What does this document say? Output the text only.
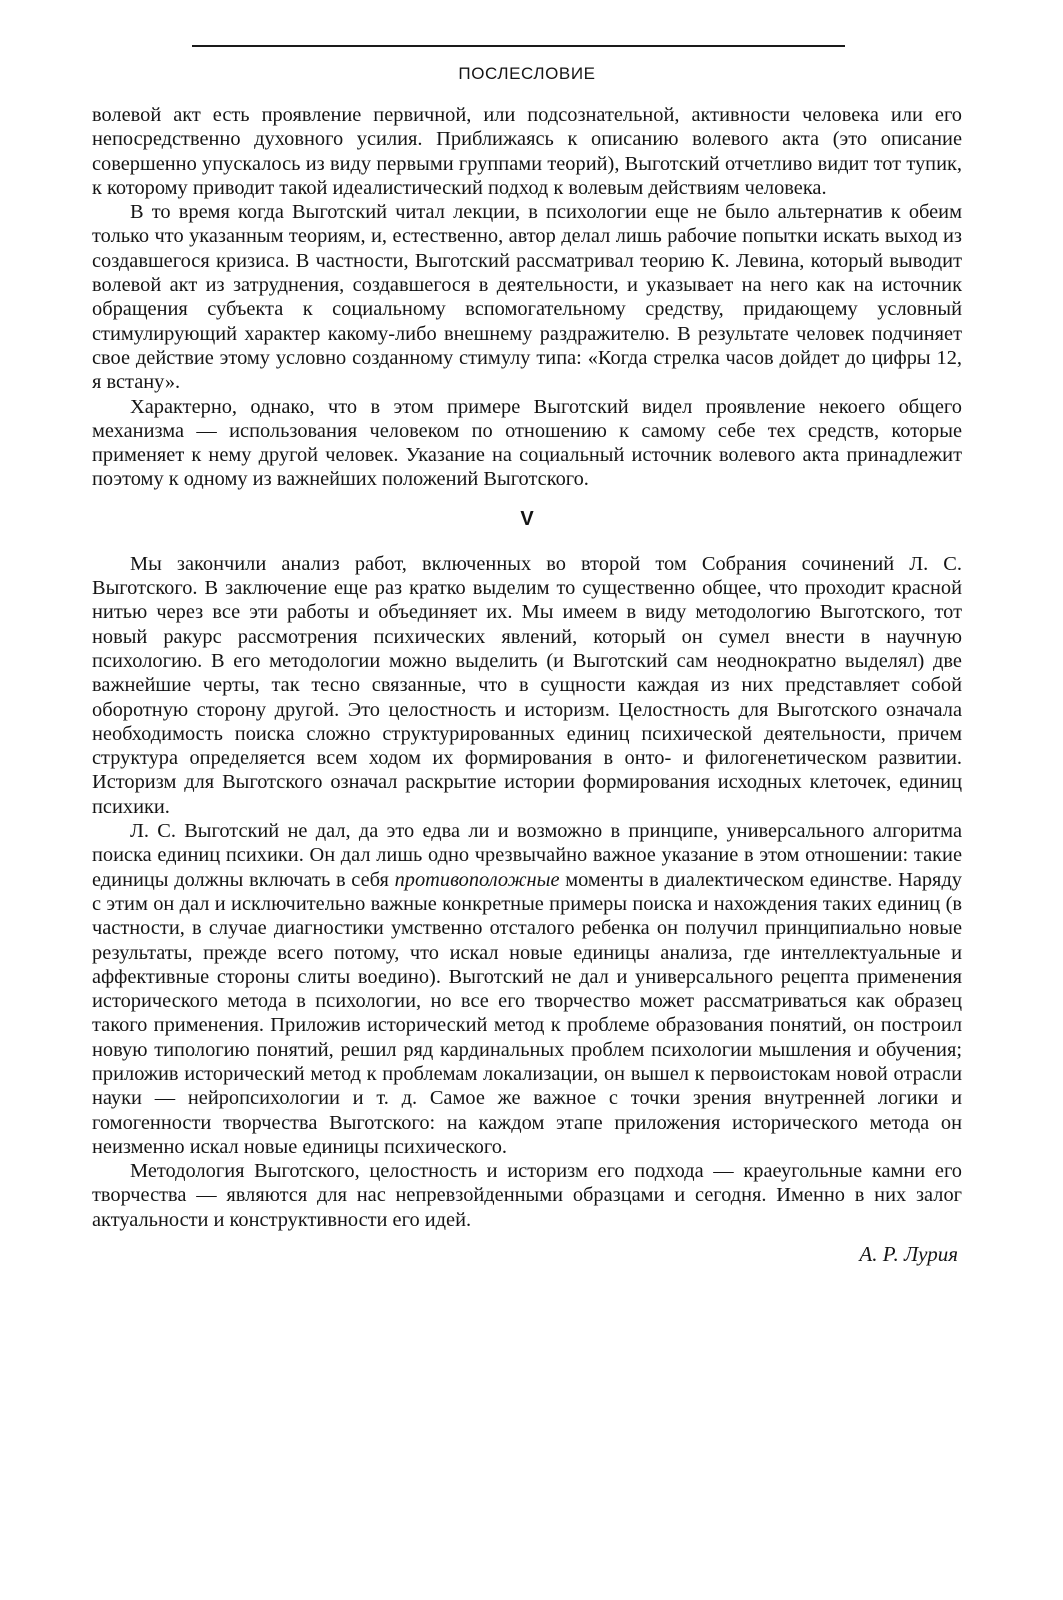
ПОСЛЕСЛОВИЕ

волевой акт есть проявление первичной, или подсознательной, активности человека или его непосредственно духовного усилия. Приближаясь к описанию волевого акта (это описание совершенно упускалось из виду первыми группами теорий), Выготский отчетливо видит тот тупик, к которому приводит такой идеалистический подход к волевым действиям человека.

В то время когда Выготский читал лекции, в психологии еще не было альтернатив к обеим только что указанным теориям, и, естественно, автор делал лишь рабочие попытки искать выход из создавшегося кризиса. В частности, Выготский рассматривал теорию К. Левина, который выводит волевой акт из затруднения, создавшегося в деятельности, и указывает на него как на источник обращения субъекта к социальному вспомогательному средству, придающему условный стимулирующий характер какому-либо внешнему раздражителю. В результате человек подчиняет свое действие этому условно созданному стимулу типа: «Когда стрелка часов дойдет до цифры 12, я встану».

Характерно, однако, что в этом примере Выготский видел проявление некоего общего механизма — использования человеком по отношению к самому себе тех средств, которые применяет к нему другой человек. Указание на социальный источник волевого акта принадлежит поэтому к одному из важнейших положений Выготского.

V

Мы закончили анализ работ, включенных во второй том Собрания сочинений Л. С. Выготского. В заключение еще раз кратко выделим то существенно общее, что проходит красной нитью через все эти работы и объединяет их. Мы имеем в виду методологию Выготского, тот новый ракурс рассмотрения психических явлений, который он сумел внести в научную психологию. В его методологии можно выделить (и Выготский сам неоднократно выделял) две важнейшие черты, так тесно связанные, что в сущности каждая из них представляет собой оборотную сторону другой. Это целостность и историзм. Целостность для Выготского означала необходимость поиска сложно структурированных единиц психической деятельности, причем структура определяется всем ходом их формирования в онто- и филогенетическом развитии. Историзм для Выготского означал раскрытие истории формирования исходных клеточек, единиц психики.

Л. С. Выготский не дал, да это едва ли и возможно в принципе, универсального алгоритма поиска единиц психики. Он дал лишь одно чрезвычайно важное указание в этом отношении: такие единицы должны включать в себя противоположные моменты в диалектическом единстве. Наряду с этим он дал и исключительно важные конкретные примеры поиска и нахождения таких единиц (в частности, в случае диагностики умственно отсталого ребенка он получил принципиально новые результаты, прежде всего потому, что искал новые единицы анализа, где интеллектуальные и аффективные стороны слиты воедино). Выготский не дал и универсального рецепта применения исторического метода в психологии, но все его творчество может рассматриваться как образец такого применения. Приложив исторический метод к проблеме образования понятий, он построил новую типологию понятий, решил ряд кардинальных проблем психологии мышления и обучения; приложив исторический метод к проблемам локализации, он вышел к первоистокам новой отрасли науки — нейропсихологии и т. д. Самое же важное с точки зрения внутренней логики и гомогенности творчества Выготского: на каждом этапе приложения исторического метода он неизменно искал новые единицы психического.

Методология Выготского, целостность и историзм его подхода — краеугольные камни его творчества — являются для нас непревзойденными образцами и сегодня. Именно в них залог актуальности и конструктивности его идей.

А. Р. Лурия
